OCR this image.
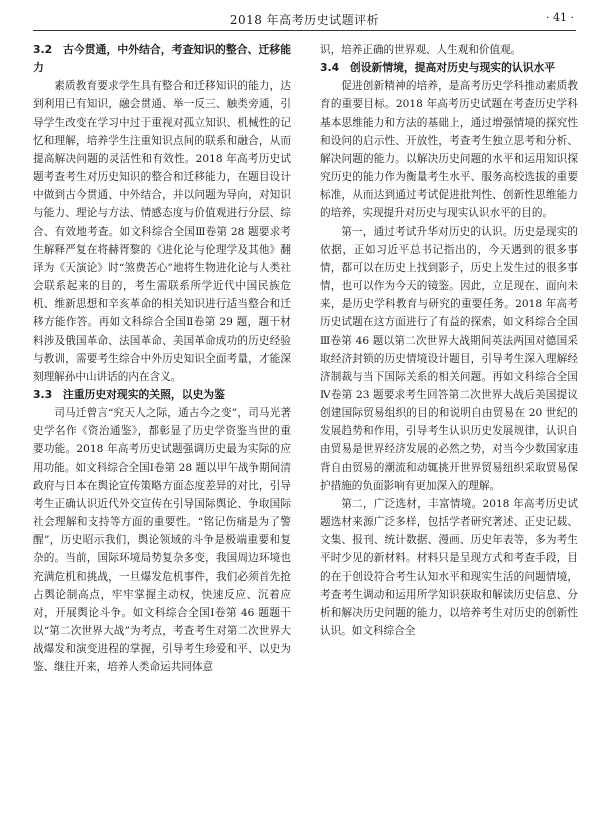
2018 年高考历史试题评析	· 41 ·
3.2　古今贯通，中外结合，考查知识的整合、迁移能力

素质教育要求学生具有整合和迁移知识的能力，达到利用已有知识，融会贯通、举一反三、触类旁通，引导学生改变在学习中过于重视对孤立知识、机械性的记忆和理解，培养学生注重知识点间的联系和融合，从而提高解决问题的灵活性和有效性。2018 年高考历史试题考查考生对历史知识的整合和迁移能力，在题目设计中做到古今贯通、中外结合，并以问题为导向，对知识与能力、理论与方法、情感态度与价值观进行分层、综合、有效地考查。如文科综合全国Ⅲ卷第 28 题要求考生解释严复在将赫胥黎的《进化论与伦理学及其他》翻译为《天演论》时“煞费苦心”地将生物进化论与人类社会联系起来的目的，考生需联系所学近代中国民族危机、维新思想和辛亥革命的相关知识进行适当整合和迁移方能作答。再如文科综合全国Ⅱ卷第 29 题，题干材料涉及俄国革命、法国革命、美国革命成功的历史经验与教训，需要考生综合中外历史知识全面考量，才能深刻理解孙中山讲话的内在含义。

3.3　注重历史对现实的关照，以史为鉴

司马迁曾言“究天人之际，通古今之变”，司马光著史学名作《资治通鉴》，都彰显了历史学资鉴当世的重要功能。2018 年高考历史试题强调历史最为实际的应用功能。如文科综合全国Ⅰ卷第 28 题以甲午战争期间清政府与日本在舆论宣传策略方面态度差异的对比，引导考生正确认识近代外交宣传在引导国际舆论、争取国际社会理解和支持等方面的重要性。“铭记伤痛是为了警醒”，历史昭示我们，舆论领域的斗争是极端重要和复杂的。当前，国际环境局势复杂多变，我国周边环境也充满危机和挑战，一旦爆发危机事件，我们必须首先抢占舆论制高点，牢牢掌握主动权，快速反应、沉着应对，开展舆论斗争。如文科综合全国Ⅰ卷第 46 题题干以“第二次世界大战”为考点，考查考生对第二次世界大战爆发和演变进程的掌握，引导考生珍爱和平、以史为鉴、继往开来，培养人类命运共同体意

识，培养正确的世界观、人生观和价值观。

3.4　创设新情境，提高对历史与现实的认识水平

促进创新精神的培养，是高考历史学科推动素质教育的重要目标。2018 年高考历史试题在考查历史学科基本思维能力和方法的基础上，通过增强情境的探究性和设问的启示性、开放性，考查考生独立思考和分析、解决问题的能力。以解决历史问题的水平和运用知识探究历史的能力作为衡量考生水平、服务高校选拔的重要标准，从而达到通过考试促进批判性、创新性思维能力的培养，实现提升对历史与现实认识水平的目的。

第一，通过考试升华对历史的认识。历史是现实的依据，正如习近平总书记指出的，今天遇到的很多事情，都可以在历史上找到影子，历史上发生过的很多事情，也可以作为今天的镜鉴。因此，立足现在、面向未来，是历史学科教育与研究的重要任务。2018 年高考历史试题在这方面进行了有益的探索，如文科综合全国Ⅲ卷第 46 题以第二次世界大战期间英法两国对德国采取经济封锁的历史情境设计题目，引导考生深入理解经济制裁与当下国际关系的相关问题。再如文科综合全国Ⅳ卷第 23 题要求考生回答第二次世界大战后美国提议创建国际贸易组织的目的和说明自由贸易在 20 世纪的发展趋势和作用，引导考生认识历史发展规律，认识自由贸易是世界经济发展的必然之势，对当今少数国家违背自由贸易的潮流和动辄挑开世界贸易纽织采取贸易保护措施的负面影响有更加深入的理解。

第二，广泛选材，丰富情境。2018 年高考历史试题选材来源广泛多样，包括学者研究著述、正史记载、文集、报刊、统计数据、漫画、历史年表等，多为考生平时少见的新材料。材料只是呈现方式和考查手段，目的在于创设符合考生认知水平和现实生活的问题情境，考查考生调动和运用所学知识获取和解读历史信息、分析和解决历史问题的能力，以培养考生对历史的创新性认识。如文科综合全
